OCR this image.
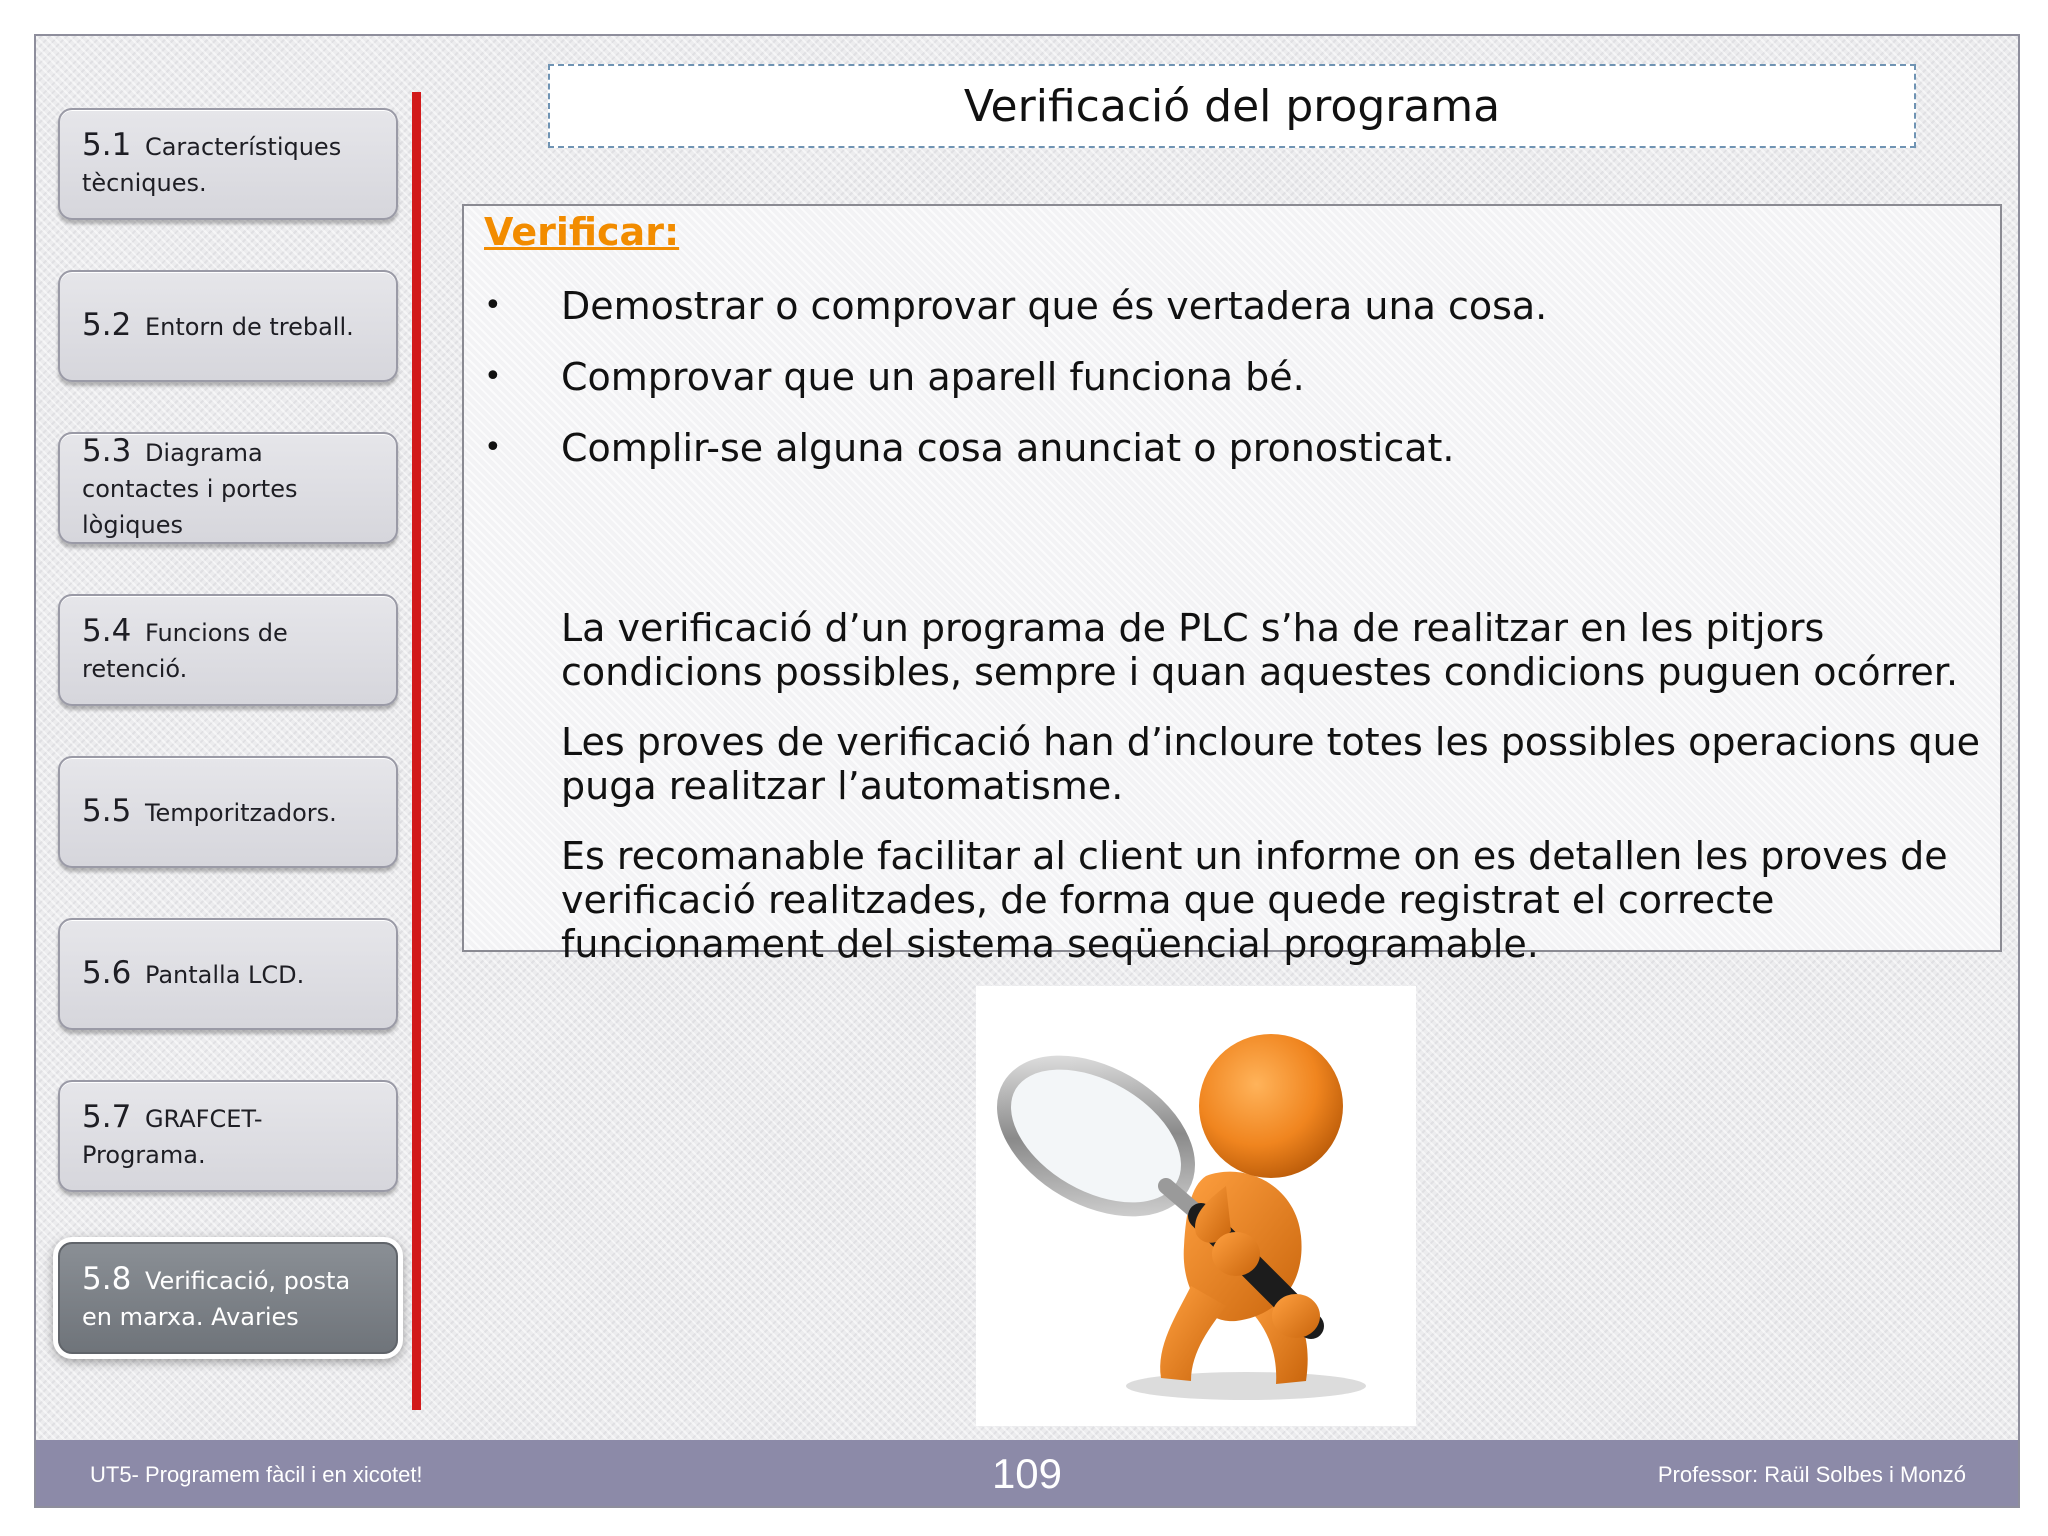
5.1 Característiques tècniques.
5.2 Entorn de treball.
5.3 Diagrama contactes i portes lògiques
5.4 Funcions de retenció.
5.5 Temporitzadors.
5.6 Pantalla LCD.
5.7 GRAFCET-Programa.
5.8 Verificació, posta en marxa. Avaries
Verificació del programa
Verificar:
• Demostrar o comprovar que és vertadera una cosa.
• Comprovar que un aparell funciona bé.
• Complir-se alguna cosa anunciat o pronosticat.

La verificació d’un programa de PLC s’ha de realitzar en les pitjors condicions possibles, sempre i quan aquestes condicions puguen ocórrer.

Les proves de verificació han d’incloure totes les possibles operacions que puga realitzar l’automatisme.

Es recomanable facilitar al client un informe on es detallen les proves de verificació realitzades, de forma que quede registrat el correcte funcionament del sistema seqüencial programable.

UT5- Programem fàcil i en xicotet!	109	Professor: Raül Solbes i Monzó
